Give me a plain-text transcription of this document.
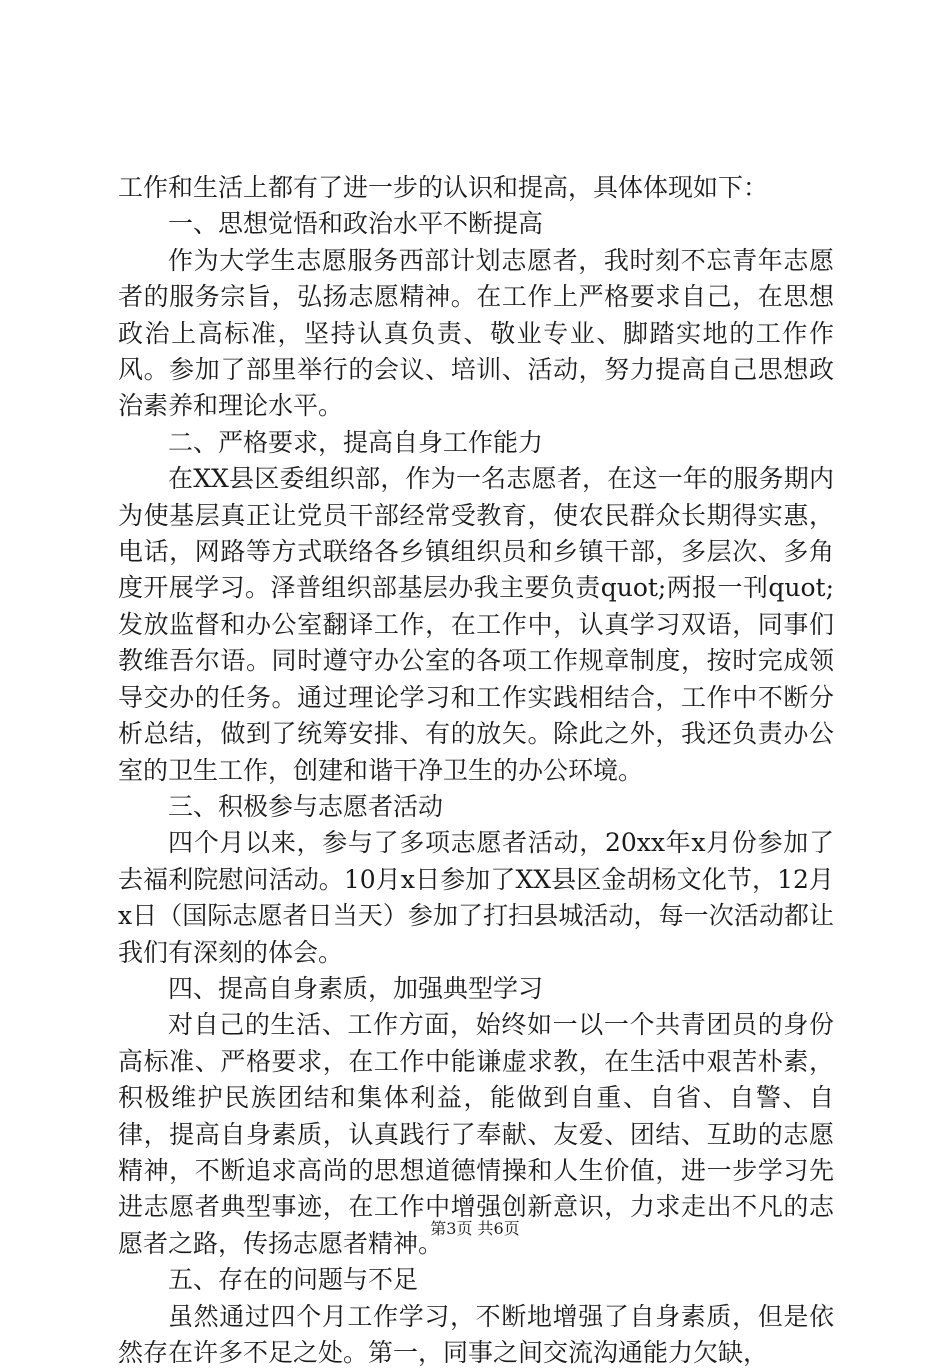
工作和生活上都有了进一步的认识和提高，具体体现如下：

一、思想觉悟和政治水平不断提高

作为大学生志愿服务西部计划志愿者，我时刻不忘青年志愿者的服务宗旨，弘扬志愿精神。在工作上严格要求自己，在思想政治上高标准，坚持认真负责、敬业专业、脚踏实地的工作作风。参加了部里举行的会议、培训、活动，努力提高自己思想政治素养和理论水平。

二、严格要求，提高自身工作能力

在XX县区委组织部，作为一名志愿者，在这一年的服务期内为使基层真正让党员干部经常受教育，使农民群众长期得实惠，电话，网路等方式联络各乡镇组织员和乡镇干部，多层次、多角度开展学习。泽普组织部基层办我主要负责quot;两报一刊quot;发放监督和办公室翻译工作，在工作中，认真学习双语，同事们教维吾尔语。同时遵守办公室的各项工作规章制度，按时完成领导交办的任务。通过理论学习和工作实践相结合，工作中不断分析总结，做到了统筹安排、有的放矢。除此之外，我还负责办公室的卫生工作，创建和谐干净卫生的办公环境。

三、积极参与志愿者活动

四个月以来，参与了多项志愿者活动，20xx年x月份参加了去福利院慰问活动。10月x日参加了XX县区金胡杨文化节，12月x日（国际志愿者日当天）参加了打扫县城活动，每一次活动都让我们有深刻的体会。

四、提高自身素质，加强典型学习

对自己的生活、工作方面，始终如一以一个共青团员的身份高标准、严格要求，在工作中能谦虚求教，在生活中艰苦朴素，积极维护民族团结和集体利益，能做到自重、自省、自警、自律，提高自身素质，认真践行了奉献、友爱、团结、互助的志愿精神，不断追求高尚的思想道德情操和人生价值，进一步学习先进志愿者典型事迹，在工作中增强创新意识，力求走出不凡的志愿者之路，传扬志愿者精神。

五、存在的问题与不足

虽然通过四个月工作学习，不断地增强了自身素质，但是依然存在许多不足之处。第一，同事之间交流沟通能力欠缺，

第3页 共6页
